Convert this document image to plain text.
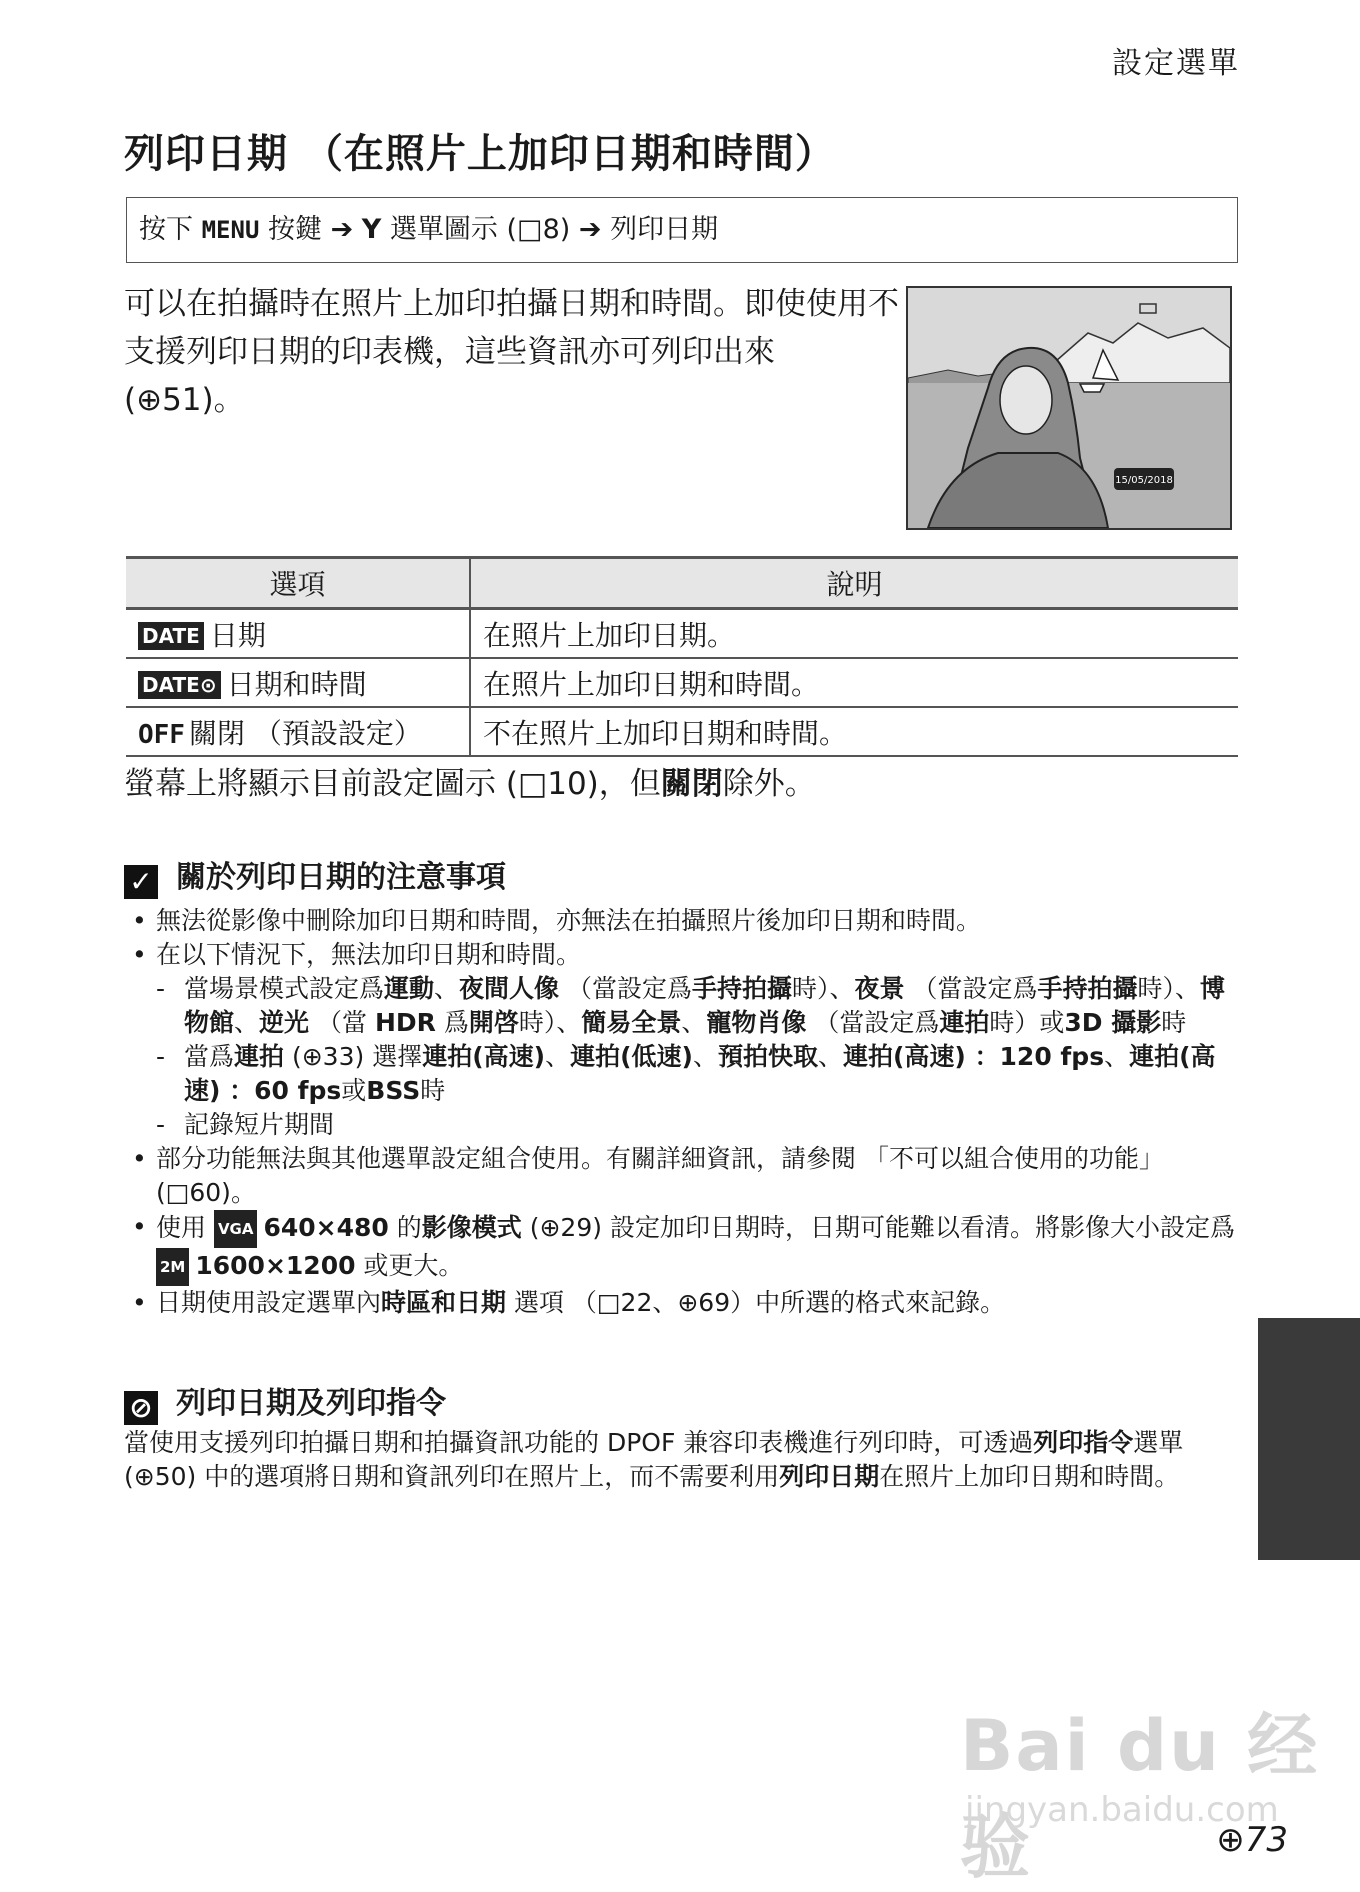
設定選單
列印日期 （在照片上加印日期和時間）
按下 MENU 按鍵 ➔ Y 選單圖示 (□8) ➔ 列印日期
可以在拍攝時在照片上加印拍攝日期和時間。即使使用不支援列印日期的印表機，這些資訊亦可列印出來 (⊕51)。
15/05/2018
選項	說明
DATE 日期	在照片上加印日期。
DATE⊙ 日期和時間	在照片上加印日期和時間。
OFF 關閉 （預設設定）	不在照片上加印日期和時間。
螢幕上將顯示目前設定圖示 (□10)，但關閉除外。
✓ 關於列印日期的注意事項
• 無法從影像中刪除加印日期和時間，亦無法在拍攝照片後加印日期和時間。
• 在以下情況下，無法加印日期和時間。
- 當場景模式設定爲運動、夜間人像 （當設定爲手持拍攝時）、夜景 （當設定爲手持拍攝時）、博物館、逆光 （當 HDR 爲開啓時）、簡易全景、寵物肖像 （當設定爲連拍時）或3D 攝影時
- 當爲連拍 (⊕33) 選擇連拍(高速)、連拍(低速)、預拍快取、連拍(高速) ：120 fps、連拍(高速) ：60 fps或BSS時
- 記錄短片期間
• 部分功能無法與其他選單設定組合使用。有關詳細資訊，請參閱 「不可以組合使用的功能」 (□60)。
• 使用 VGA 640×480 的影像模式 (⊕29) 設定加印日期時，日期可能難以看清。將影像大小設定爲 2M 1600×1200 或更大。
• 日期使用設定選單內時區和日期 選項 （□22、⊕69）中所選的格式來記錄。
⊘ 列印日期及列印指令
當使用支援列印拍攝日期和拍攝資訊功能的 DPOF 兼容印表機進行列印時，可透過列印指令選單 (⊕50) 中的選項將日期和資訊列印在照片上，而不需要利用列印日期在照片上加印日期和時間。
Bai du 经验
jingyan.baidu.com
⊕73
